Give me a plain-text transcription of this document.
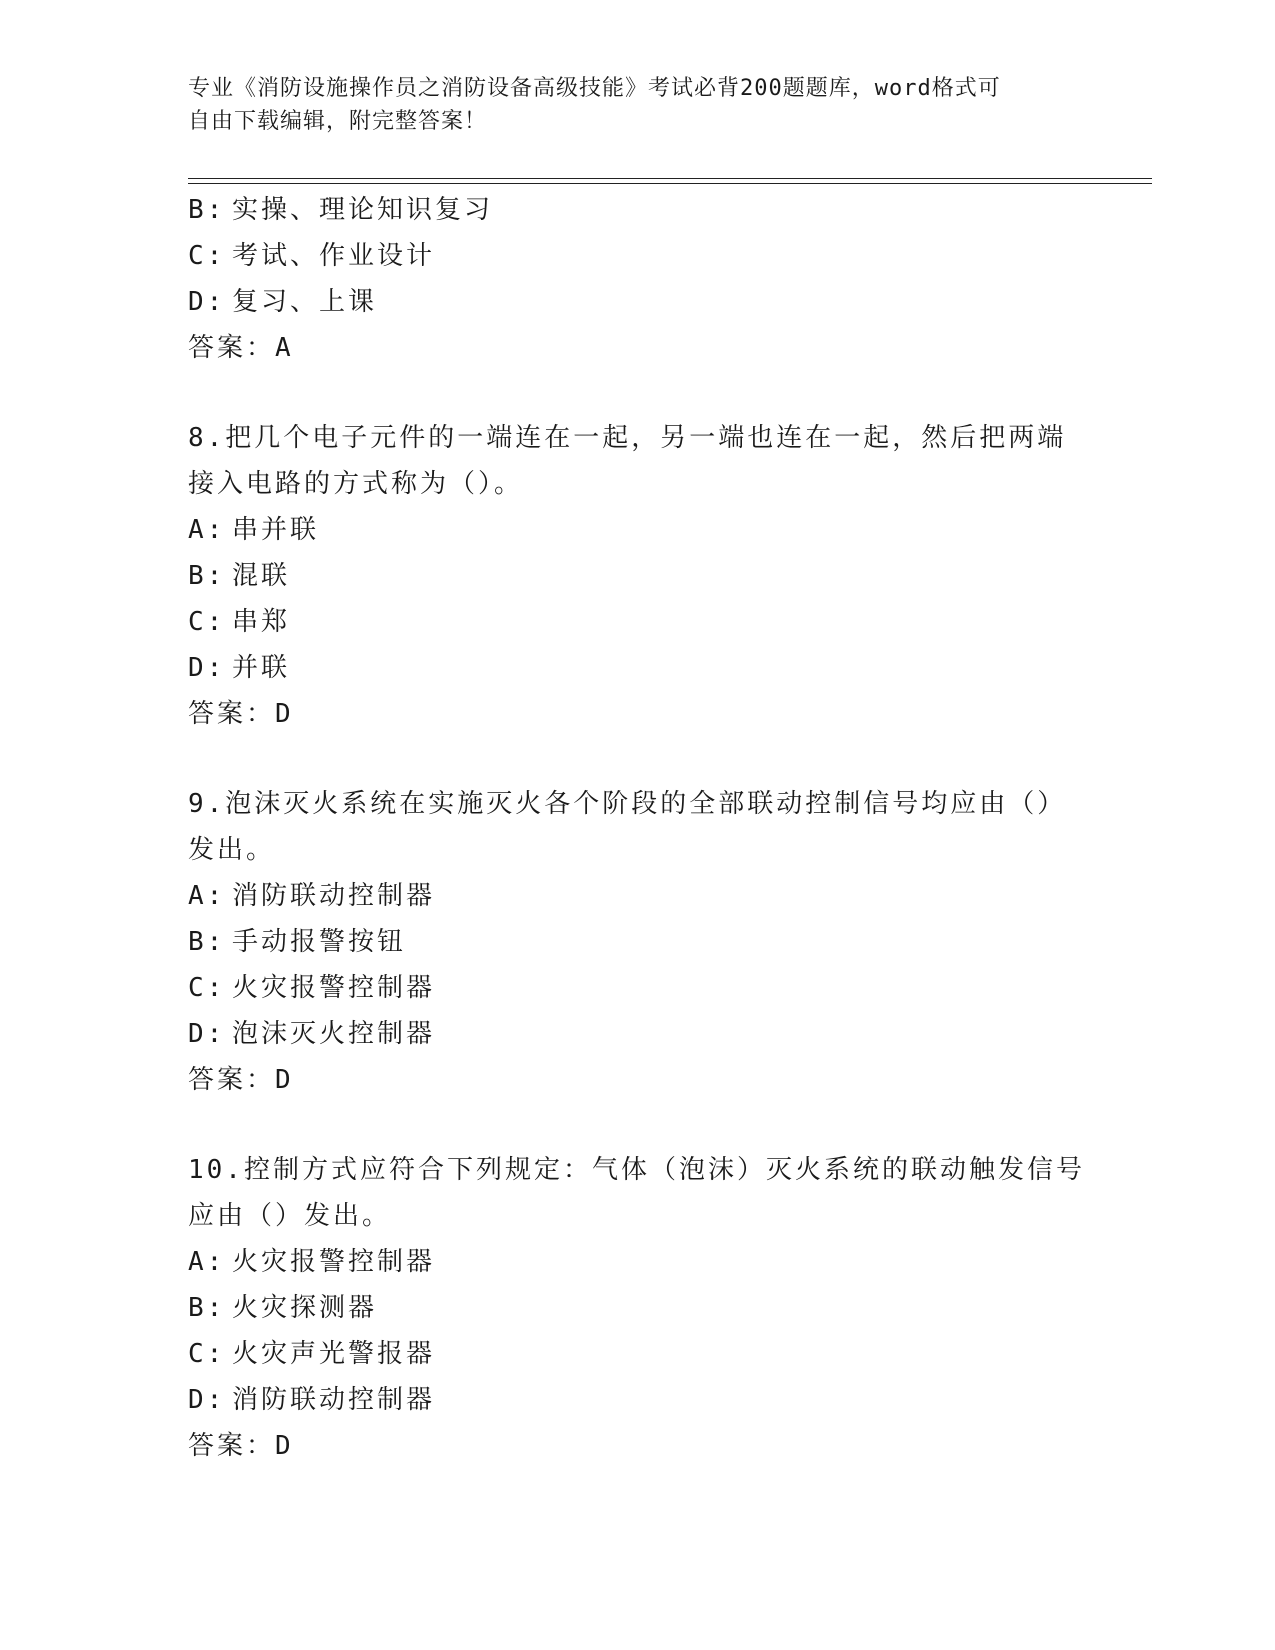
专业《消防设施操作员之消防设备高级技能》考试必背200题题库，word格式可
自由下载编辑，附完整答案！
B: 实操、理论知识复习
C: 考试、作业设计
D: 复习、上课
答案：A
8.把几个电子元件的一端连在一起，另一端也连在一起，然后把两端
接入电路的方式称为（）。
A: 串并联
B: 混联
C: 串郑
D: 并联
答案：D
9.泡沫灭火系统在实施灭火各个阶段的全部联动控制信号均应由（）
发出。
A: 消防联动控制器
B: 手动报警按钮
C: 火灾报警控制器
D: 泡沫灭火控制器
答案：D
10.控制方式应符合下列规定：气体（泡沫）灭火系统的联动触发信号
应由（）发出。
A: 火灾报警控制器
B: 火灾探测器
C: 火灾声光警报器
D: 消防联动控制器
答案：D
